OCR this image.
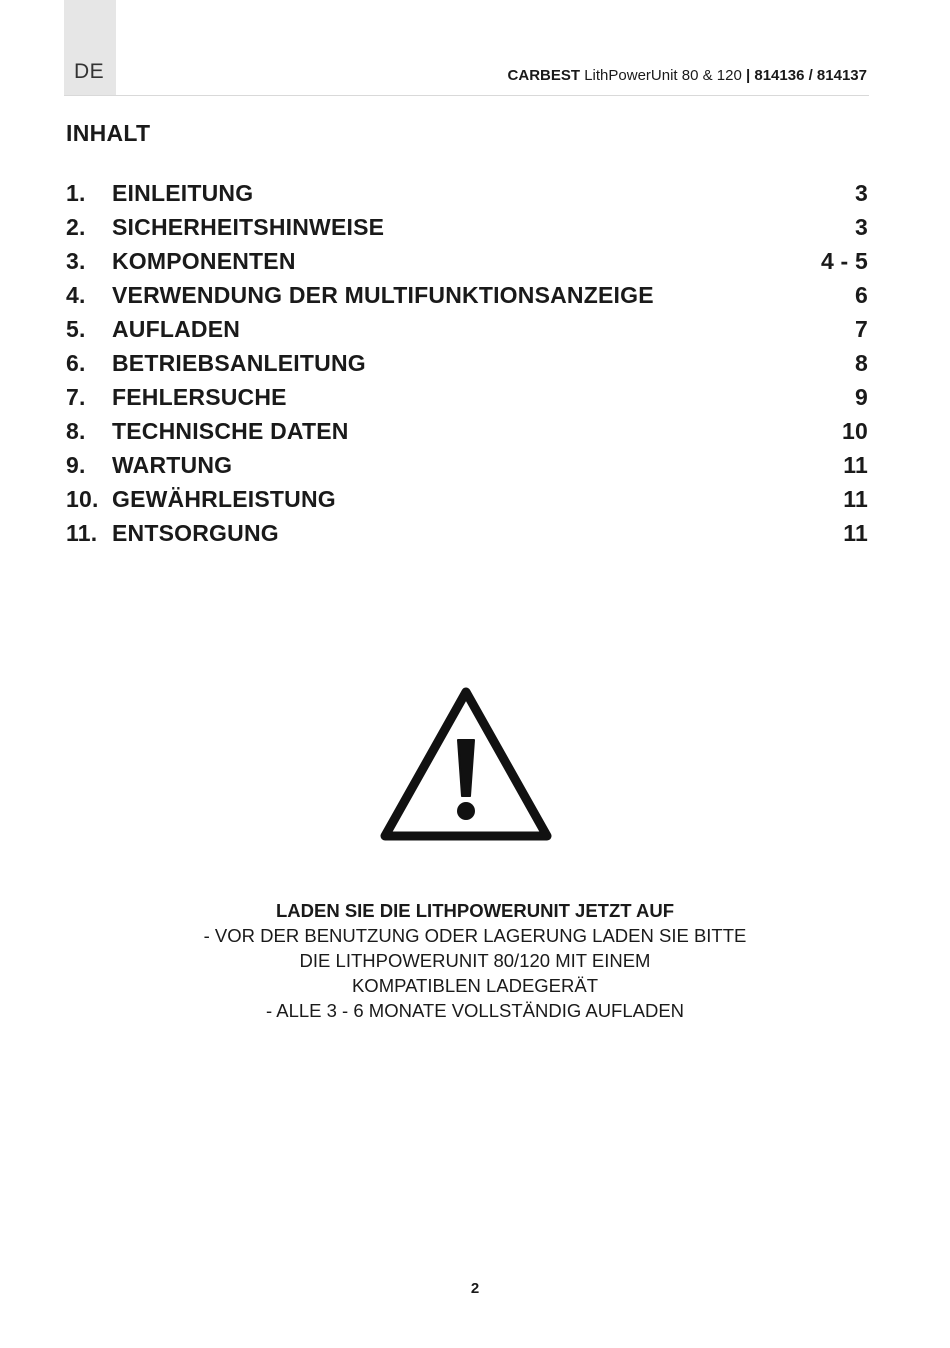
DE	CARBEST LithPowerUnit 80 & 120 | 814136 / 814137
INHALT
1.	EINLEITUNG	3
2.	SICHERHEITSHINWEISE	3
3.	KOMPONENTEN	4 - 5
4.	VERWENDUNG DER MULTIFUNKTIONSANZEIGE	6
5.	AUFLADEN	7
6.	BETRIEBSANLEITUNG	8
7.	FEHLERSUCHE	9
8.	TECHNISCHE DATEN	10
9.	WARTUNG	11
10. GEWÄHRLEISTUNG	11
11. ENTSORGUNG	11
LADEN SIE DIE LITHPOWERUNIT JETZT AUF
- VOR DER BENUTZUNG ODER LAGERUNG LADEN SIE BITTE
DIE LITHPOWERUNIT 80/120 MIT EINEM
KOMPATIBLEN LADEGERÄT
- ALLE 3 - 6 MONATE VOLLSTÄNDIG AUFLADEN
2
